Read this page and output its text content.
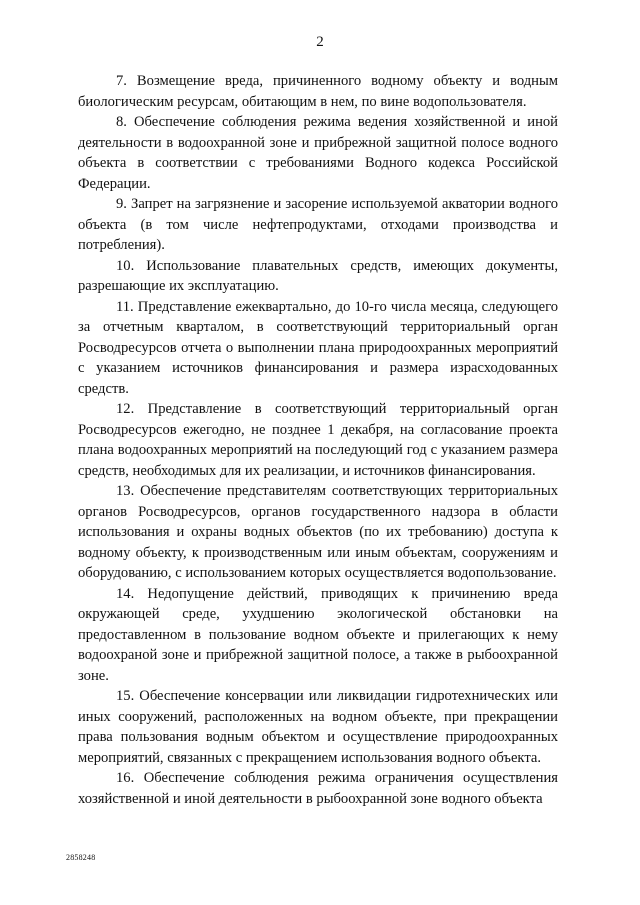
2

7. Возмещение вреда, причиненного водному объекту и водным биологическим ресурсам, обитающим в нем, по вине водопользователя.

8. Обеспечение соблюдения режима ведения хозяйственной и иной деятельности в водоохранной зоне и прибрежной защитной полосе водного объекта в соответствии с требованиями Водного кодекса Российской Федерации.

9. Запрет на загрязнение и засорение используемой акватории водного объекта (в том числе нефтепродуктами, отходами производства и потребления).

10. Использование плавательных средств, имеющих документы, разрешающие их эксплуатацию.

11. Представление ежеквартально, до 10-го числа месяца, следующего за отчетным кварталом, в соответствующий территориальный орган Росводресурсов отчета о выполнении плана природоохранных мероприятий с указанием источников финансирования и размера израсходованных средств.

12. Представление в соответствующий территориальный орган Росводресурсов ежегодно, не позднее 1 декабря, на согласование проекта плана водоохранных мероприятий на последующий год с указанием размера средств, необходимых для их реализации, и источников финансирования.

13. Обеспечение представителям соответствующих территориальных органов Росводресурсов, органов государственного надзора в области использования и охраны водных объектов (по их требованию) доступа к водному объекту, к производственным или иным объектам, сооружениям и оборудованию, с использованием которых осуществляется водопользование.

14. Недопущение действий, приводящих к причинению вреда окружающей среде, ухудшению экологической обстановки на предоставленном в пользование водном объекте и прилегающих к нему водоохраной зоне и прибрежной защитной полосе, а также в рыбоохранной зоне.

15. Обеспечение консервации или ликвидации гидротехнических или иных сооружений, расположенных на водном объекте, при прекращении права пользования водным объектом и осуществление природоохранных мероприятий, связанных с прекращением использования водного объекта.

16. Обеспечение соблюдения режима ограничения осуществления хозяйственной и иной деятельности в рыбоохранной зоне водного объекта

2858248
